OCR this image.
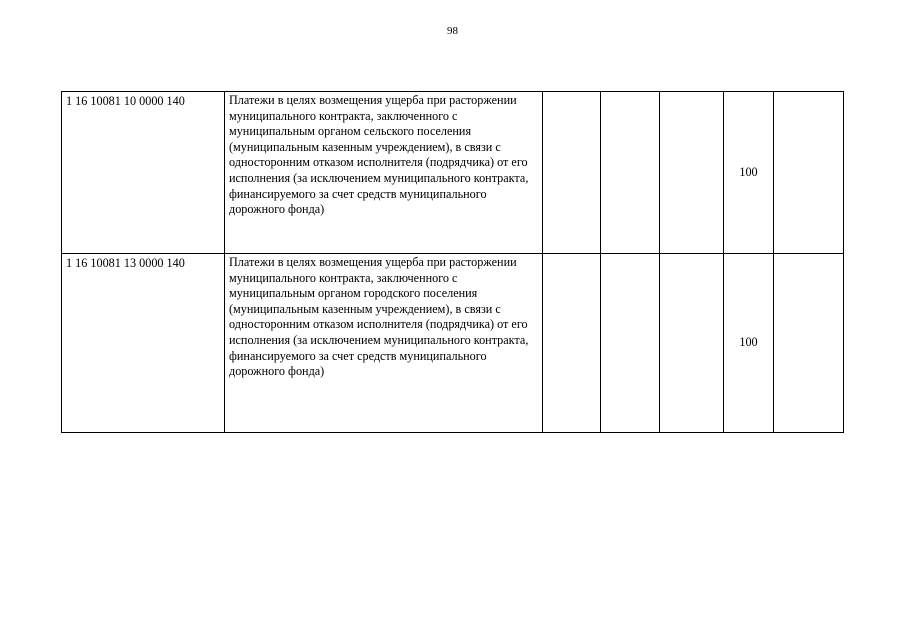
98
1 16 10081 10 0000 140	Платежи в целях возмещения ущерба при расторжении муниципального контракта, заключенного с муниципальным органом сельского поселения (муниципальным казенным учреждением), в связи с односторонним отказом исполнителя (подрядчика) от его исполнения (за исключением муниципального контракта, финансируемого за счет средств муниципального дорожного фонда)				100	
1 16 10081 13 0000 140	Платежи в целях возмещения ущерба при расторжении муниципального контракта, заключенного с муниципальным органом городского поселения (муниципальным казенным учреждением), в связи с односторонним отказом исполнителя (подрядчика) от его исполнения (за исключением муниципального контракта, финансируемого за счет средств муниципального дорожного фонда)				100	
